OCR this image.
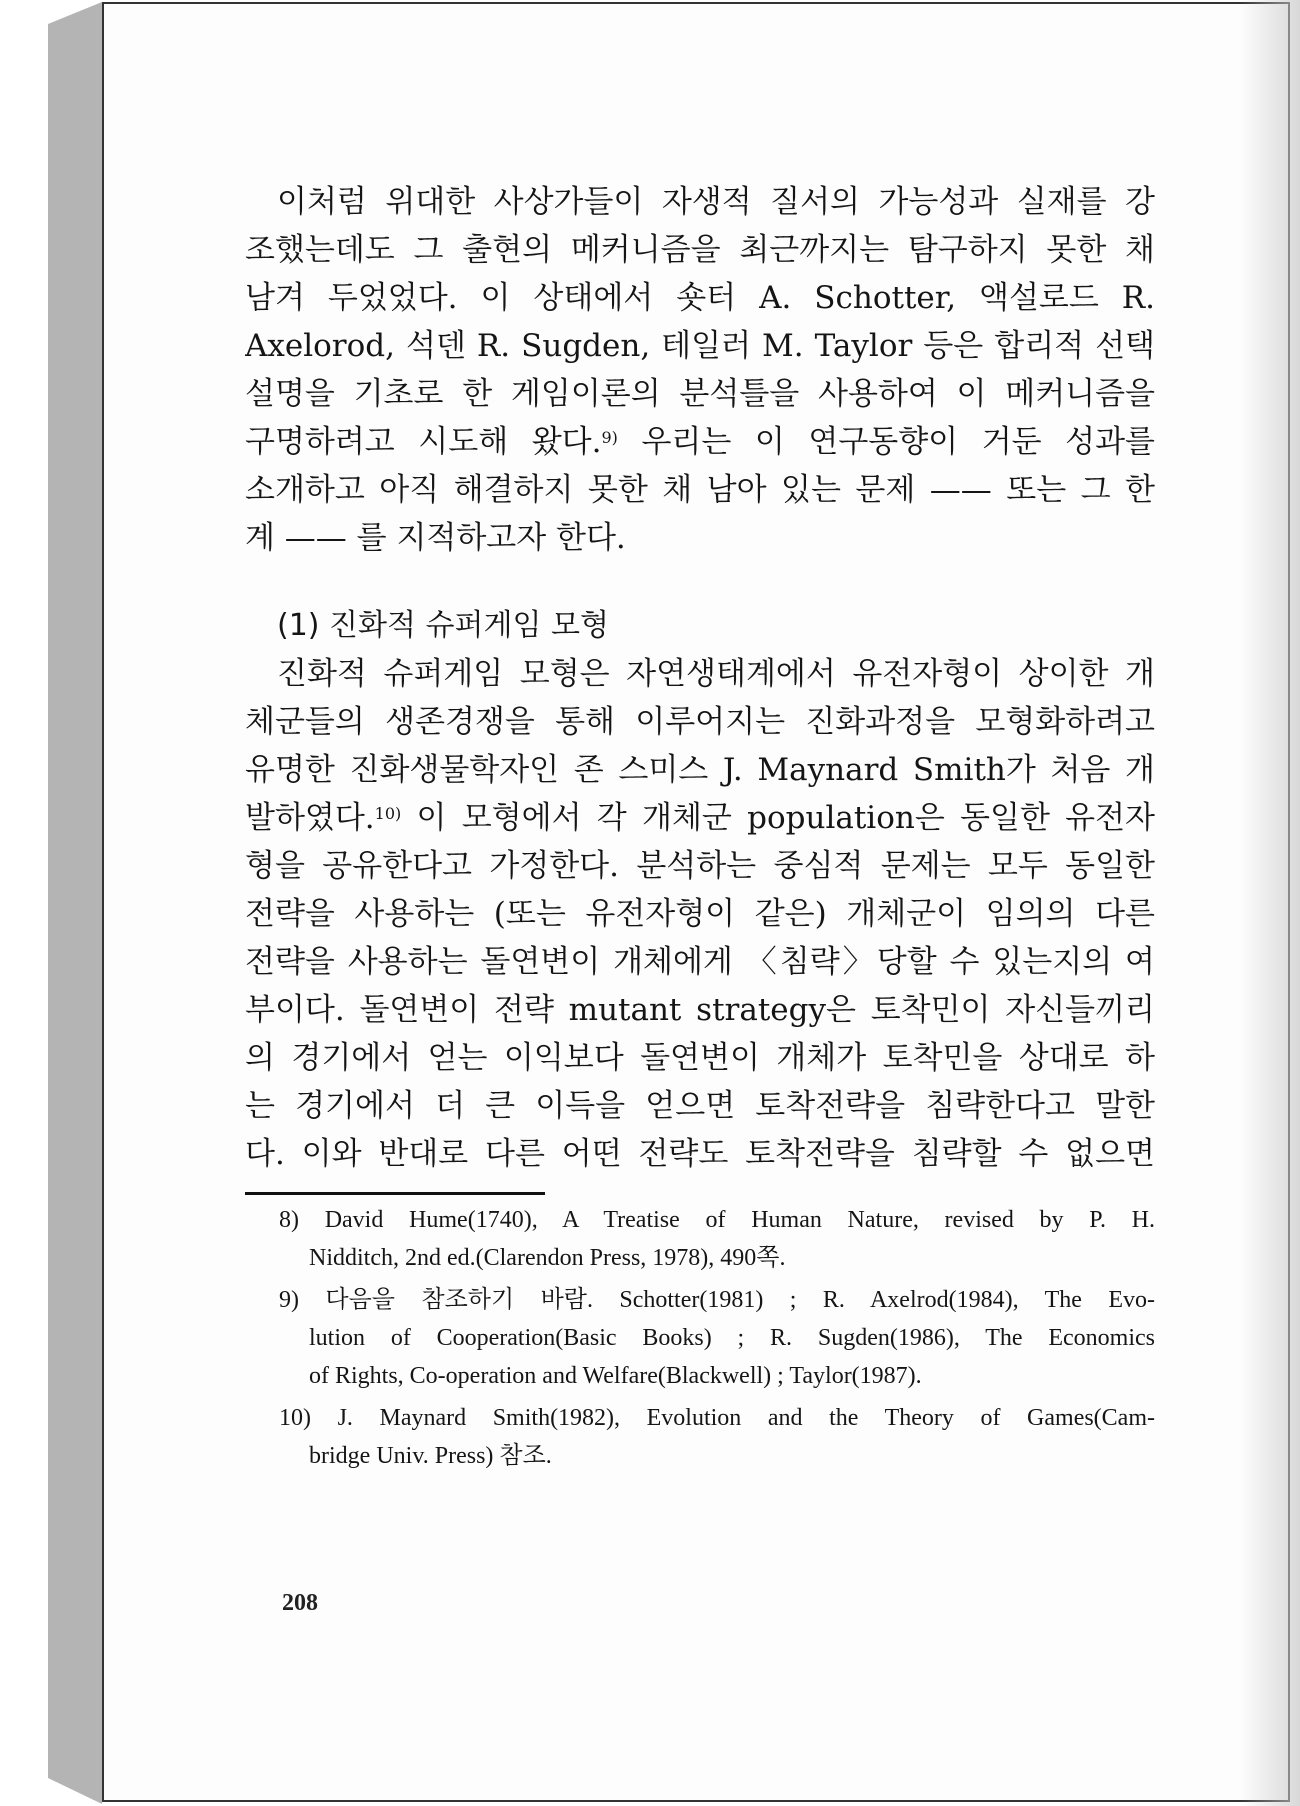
이처럼 위대한 사상가들이 자생적 질서의 가능성과 실재를 강
조했는데도 그 출현의 메커니즘을 최근까지는 탐구하지 못한 채
남겨 두었었다. 이 상태에서 숏터 A. Schotter, 액설로드 R.
Axelorod, 석덴 R. Sugden, 테일러 M. Taylor 등은 합리적 선택
설명을 기초로 한 게임이론의 분석틀을 사용하여 이 메커니즘을
구명하려고 시도해 왔다.$^{9)}$ 우리는 이 연구동향이 거둔 성과를
소개하고 아직 해결하지 못한 채 남아 있는 문제 —— 또는 그 한
계 —— 를 지적하고자 한다.
(1) 진화적 슈퍼게임 모형
진화적 슈퍼게임 모형은 자연생태계에서 유전자형이 상이한 개
체군들의 생존경쟁을 통해 이루어지는 진화과정을 모형화하려고
유명한 진화생물학자인 존 스미스 J. Maynard Smith가 처음 개
발하였다.$^{10)}$ 이 모형에서 각 개체군 population은 동일한 유전자
형을 공유한다고 가정한다. 분석하는 중심적 문제는 모두 동일한
전략을 사용하는 (또는 유전자형이 같은) 개체군이 임의의 다른
전략을 사용하는 돌연변이 개체에게 〈침략〉당할 수 있는지의 여
부이다. 돌연변이 전략 mutant strategy은 토착민이 자신들끼리
의 경기에서 얻는 이익보다 돌연변이 개체가 토착민을 상대로 하
는 경기에서 더 큰 이득을 얻으면 토착전략을 침략한다고 말한
다. 이와 반대로 다른 어떤 전략도 토착전략을 침략할 수 없으면
8) David Hume(1740), A Treatise of Human Nature, revised by P. H.
Nidditch, 2nd ed.(Clarendon Press, 1978), 490쪽.
9) 다음을 참조하기 바람. Schotter(1981) ; R. Axelrod(1984), The Evo-
lution of Cooperation(Basic Books) ; R. Sugden(1986), The Economics
of Rights, Co-operation and Welfare(Blackwell) ; Taylor(1987).
10) J. Maynard Smith(1982), Evolution and the Theory of Games(Cam-
bridge Univ. Press) 참조.
208
